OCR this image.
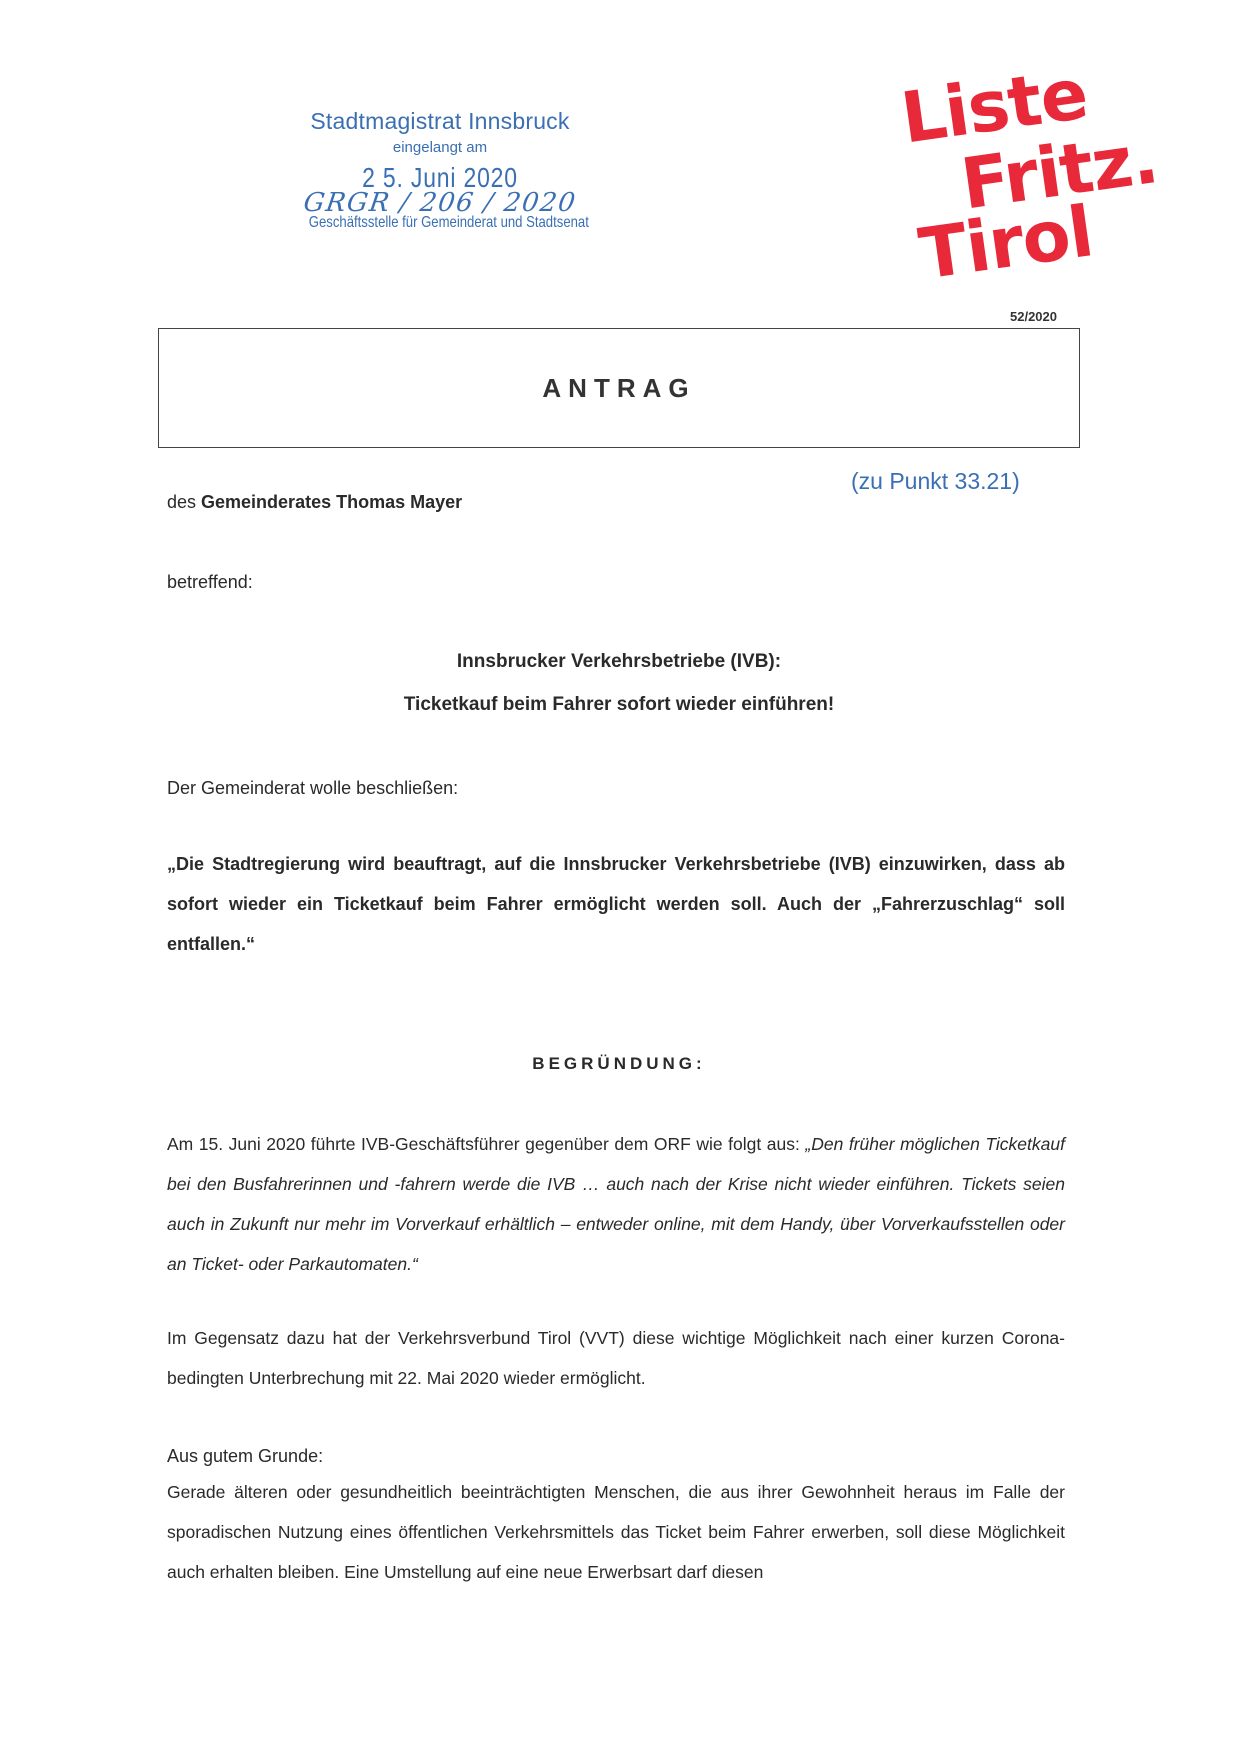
Stadtmagistrat Innsbruck
eingelangt am
2 5. Juni 2020
GRGR / 206 / 2020
Geschäftsstelle für Gemeinderat und Stadtsenat
Liste
Fritz.
Tirol
52/2020
ANTRAG
(zu Punkt 33.21)
des Gemeinderates Thomas Mayer
betreffend:
Innsbrucker Verkehrsbetriebe (IVB):
Ticketkauf beim Fahrer sofort wieder einführen!
Der Gemeinderat wolle beschließen:
„Die Stadtregierung wird beauftragt, auf die Innsbrucker Verkehrsbetriebe (IVB) einzuwirken, dass ab sofort wieder ein Ticketkauf beim Fahrer ermöglicht werden soll. Auch der „Fahrerzuschlag“ soll entfallen.“
BEGRÜNDUNG:
Am 15. Juni 2020 führte IVB-Geschäftsführer gegenüber dem ORF wie folgt aus: „Den früher möglichen Ticketkauf bei den Busfahrerinnen und -fahrern werde die IVB … auch nach der Krise nicht wieder einführen. Tickets seien auch in Zukunft nur mehr im Vorverkauf erhältlich – entweder online, mit dem Handy, über Vorverkaufsstellen oder an Ticket- oder Parkautomaten.“
Im Gegensatz dazu hat der Verkehrsverbund Tirol (VVT) diese wichtige Möglichkeit nach einer kurzen Corona-bedingten Unterbrechung mit 22. Mai 2020 wieder ermöglicht.
Aus gutem Grunde:
Gerade älteren oder gesundheitlich beeinträchtigten Menschen, die aus ihrer Gewohnheit heraus im Falle der sporadischen Nutzung eines öffentlichen Verkehrsmittels das Ticket beim Fahrer erwerben, soll diese Möglichkeit auch erhalten bleiben. Eine Umstellung auf eine neue Erwerbsart darf diesen
